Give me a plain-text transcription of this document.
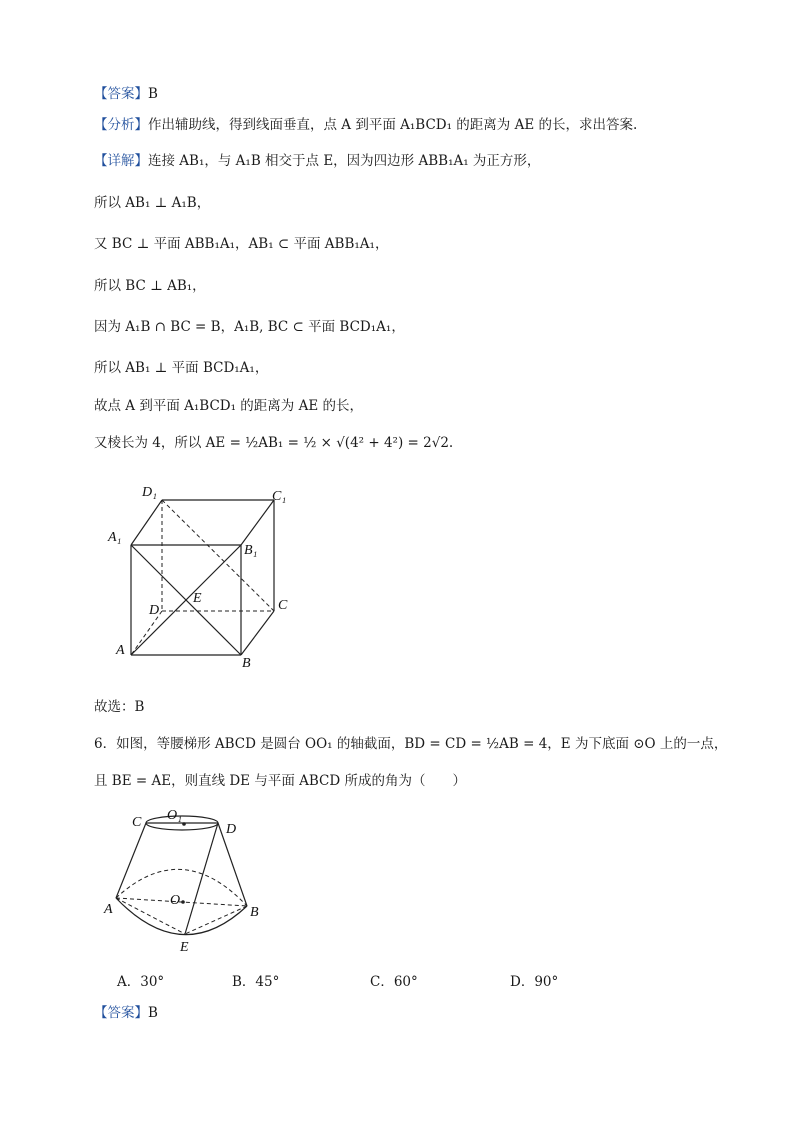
【答案】B
【分析】作出辅助线，得到线面垂直，点 A 到平面 A₁BCD₁ 的距离为 AE 的长，求出答案.
【详解】连接 AB₁，与 A₁B 相交于点 E，因为四边形 ABB₁A₁ 为正方形，
所以 AB₁ ⊥ A₁B，
又 BC ⊥ 平面 ABB₁A₁，AB₁ ⊂ 平面 ABB₁A₁，
所以 BC ⊥ AB₁，
因为 A₁B ∩ BC = B，A₁B, BC ⊂ 平面 BCD₁A₁，
所以 AB₁ ⊥ 平面 BCD₁A₁，
故点 A 到平面 A₁BCD₁ 的距离为 AE 的长，
又棱长为 4，所以 AE = ½AB₁ = ½ × √(4² + 4²) = 2√2.
D₁	C₁
A₁
B₁
D
E	C
A
B
故选：B
6．如图，等腰梯形 ABCD 是圆台 OO₁ 的轴截面，BD = CD = ½AB = 4，E 为下底面 ⊙O 上的一点，
且 BE = AE，则直线 DE 与平面 ABCD 所成的角为（　　）
C O₁
D
O
A	B
E
A．30°	B．45°	C．60°	D．90°
【答案】B
